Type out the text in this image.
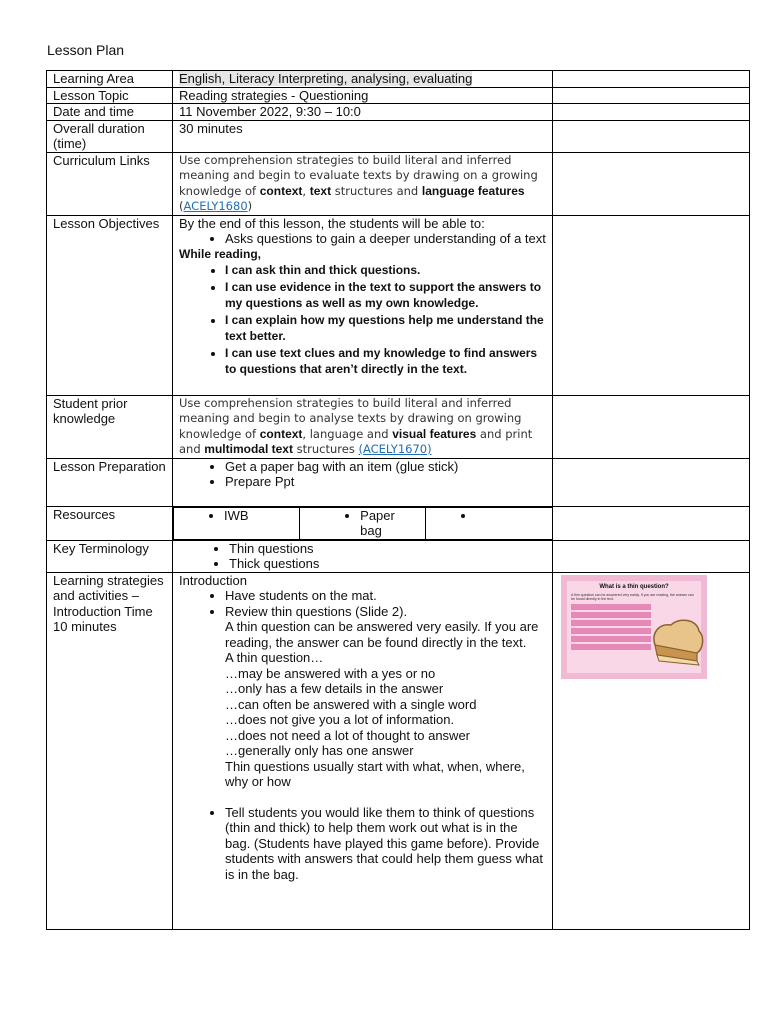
Lesson Plan
Learning Area	English, Literacy Interpreting, analysing, evaluating	
Lesson Topic	Reading strategies - Questioning	
Date and time	11 November 2022, 9:30 – 10:0	
Overall duration (time)	30 minutes	
Curriculum Links	Use comprehension strategies to build literal and inferred meaning and begin to evaluate texts by drawing on a growing knowledge of context, text structures and language features (ACELY1680)	
Lesson Objectives	By the end of this lesson, the students will be able to:
• Asks questions to gain a deeper understanding of a text
While reading,
• I can ask thin and thick questions.
• I can use evidence in the text to support the answers to my questions as well as my own knowledge.
• I can explain how my questions help me understand the text better.
• I can use text clues and my knowledge to find answers to questions that aren’t directly in the text.

Student prior knowledge	Use comprehension strategies to build literal and inferred meaning and begin to analyse texts by drawing on growing knowledge of context, language and visual features and print and multimodal text structures (ACELY1670)	
Lesson Preparation	
•Get a paper bag with an item (glue stick)
• Prepare Ppt

Resources	
•	IWB

•Paper bag

•

Key Terminology	
•Thin questions
• Thick questions

Learning strategies and activities – Introduction Time 10 minutes	
Introduction
• Have students on the mat.
• Review thin questions (Slide 2).
A thin question can be answered very easily. If you are reading, the answer can be found directly in the text.
A thin question…
…may be answered with a yes or no
…only has a few details in the answer
…can often be answered with a single word
…does not give you a lot of information.
…does not need a lot of thought to answer
…generally only has one answer
Thin questions usually start with what, when, where, why or how
• Tell students you would like them to think of questions (thin and thick) to help them work out what is in the bag. (Students have played this game before). Provide students with answers that could help them guess what is in the bag.

What is a thin question?
A thin question can be answered very easily. If you are reading, the answer can be found directly in the text.
